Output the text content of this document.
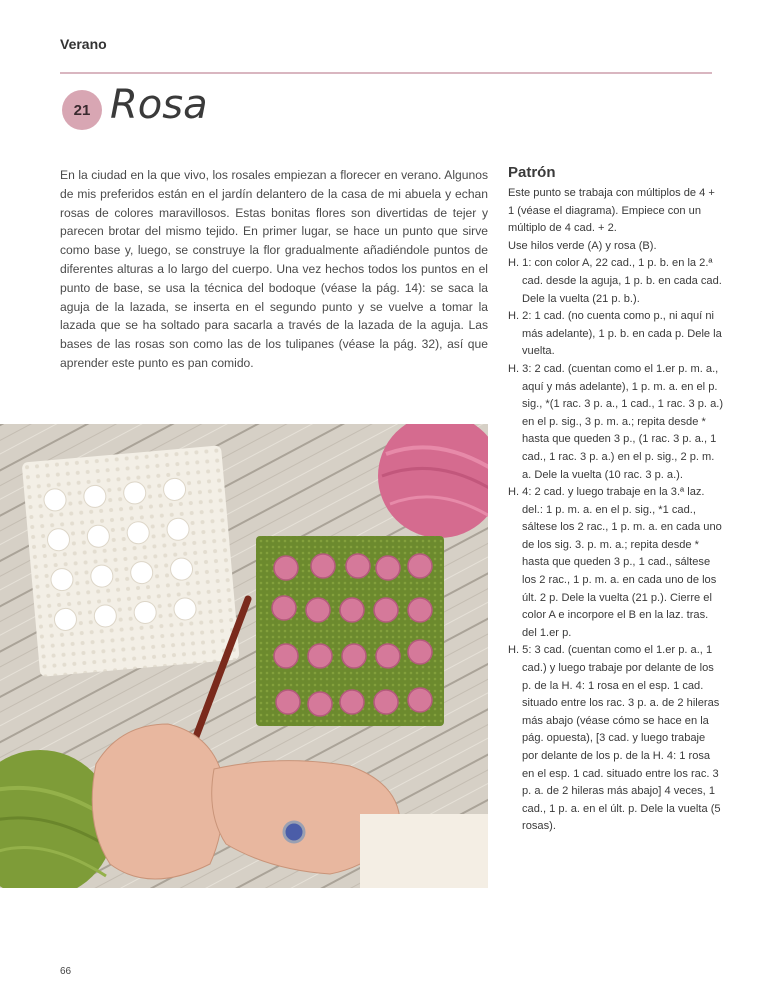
Verano
21 Rosa

En la ciudad en la que vivo, los rosales empiezan a florecer en verano. Algunos de mis preferidos están en el jardín delantero de la casa de mi abuela y echan rosas de colores maravillosos. Estas bonitas flores son divertidas de tejer y parecen brotar del mismo tejido. En primer lugar, se hace un punto que sirve como base y, luego, se construye la flor gradualmente añadiéndole puntos de diferentes alturas a lo largo del cuerpo. Una vez hechos todos los puntos en el punto de base, se usa la técnica del bodoque (véase la pág. 14): se saca la aguja de la lazada, se inserta en el segundo punto y se vuelve a tomar la lazada que se ha soltado para sacarla a través de la lazada de la aguja. Las bases de las rosas son como las de los tulipanes (véase la pág. 32), así que aprender este punto es pan comido.

Patrón

Este punto se trabaja con múltiplos de 4 + 1 (véase el diagrama). Empiece con un múltiplo de 4 cad. + 2.

Use hilos verde (A) y rosa (B).

H. 1: con color A, 22 cad., 1 p. b. en la 2.ª cad. desde la aguja, 1 p. b. en cada cad. Dele la vuelta (21 p. b.).

H. 2: 1 cad. (no cuenta como p., ni aquí ni más adelante), 1 p. b. en cada p. Dele la vuelta.

H. 3: 2 cad. (cuentan como el 1.er p. m. a., aquí y más adelante), 1 p. m. a. en el p. sig., *(1 rac. 3 p. a., 1 cad., 1 rac. 3 p. a.) en el p. sig., 3 p. m. a.; repita desde * hasta que queden 3 p., (1 rac. 3 p. a., 1 cad., 1 rac. 3 p. a.) en el p. sig., 2 p. m. a. Dele la vuelta (10 rac. 3 p. a.).

H. 4: 2 cad. y luego trabaje en la 3.ª laz. del.: 1 p. m. a. en el p. sig., *1 cad., sáltese los 2 rac., 1 p. m. a. en cada uno de los sig. 3. p. m. a.; repita desde * hasta que queden 3 p., 1 cad., sáltese los 2 rac., 1 p. m. a. en cada uno de los últ. 2 p. Dele la vuelta (21 p.). Cierre el color A e incorpore el B en la laz. tras. del 1.er p.

H. 5: 3 cad. (cuentan como el 1.er p. a., 1 cad.) y luego trabaje por delante de los p. de la H. 4: 1 rosa en el esp. 1 cad. situado entre los rac. 3 p. a. de 2 hileras más abajo (véase cómo se hace en la pág. opuesta), [3 cad. y luego trabaje por delante de los p. de la H. 4: 1 rosa en el esp. 1 cad. situado entre los rac. 3 p. a. de 2 hileras más abajo] 4 veces, 1 cad., 1 p. a. en el últ. p. Dele la vuelta (5 rosas).

66
